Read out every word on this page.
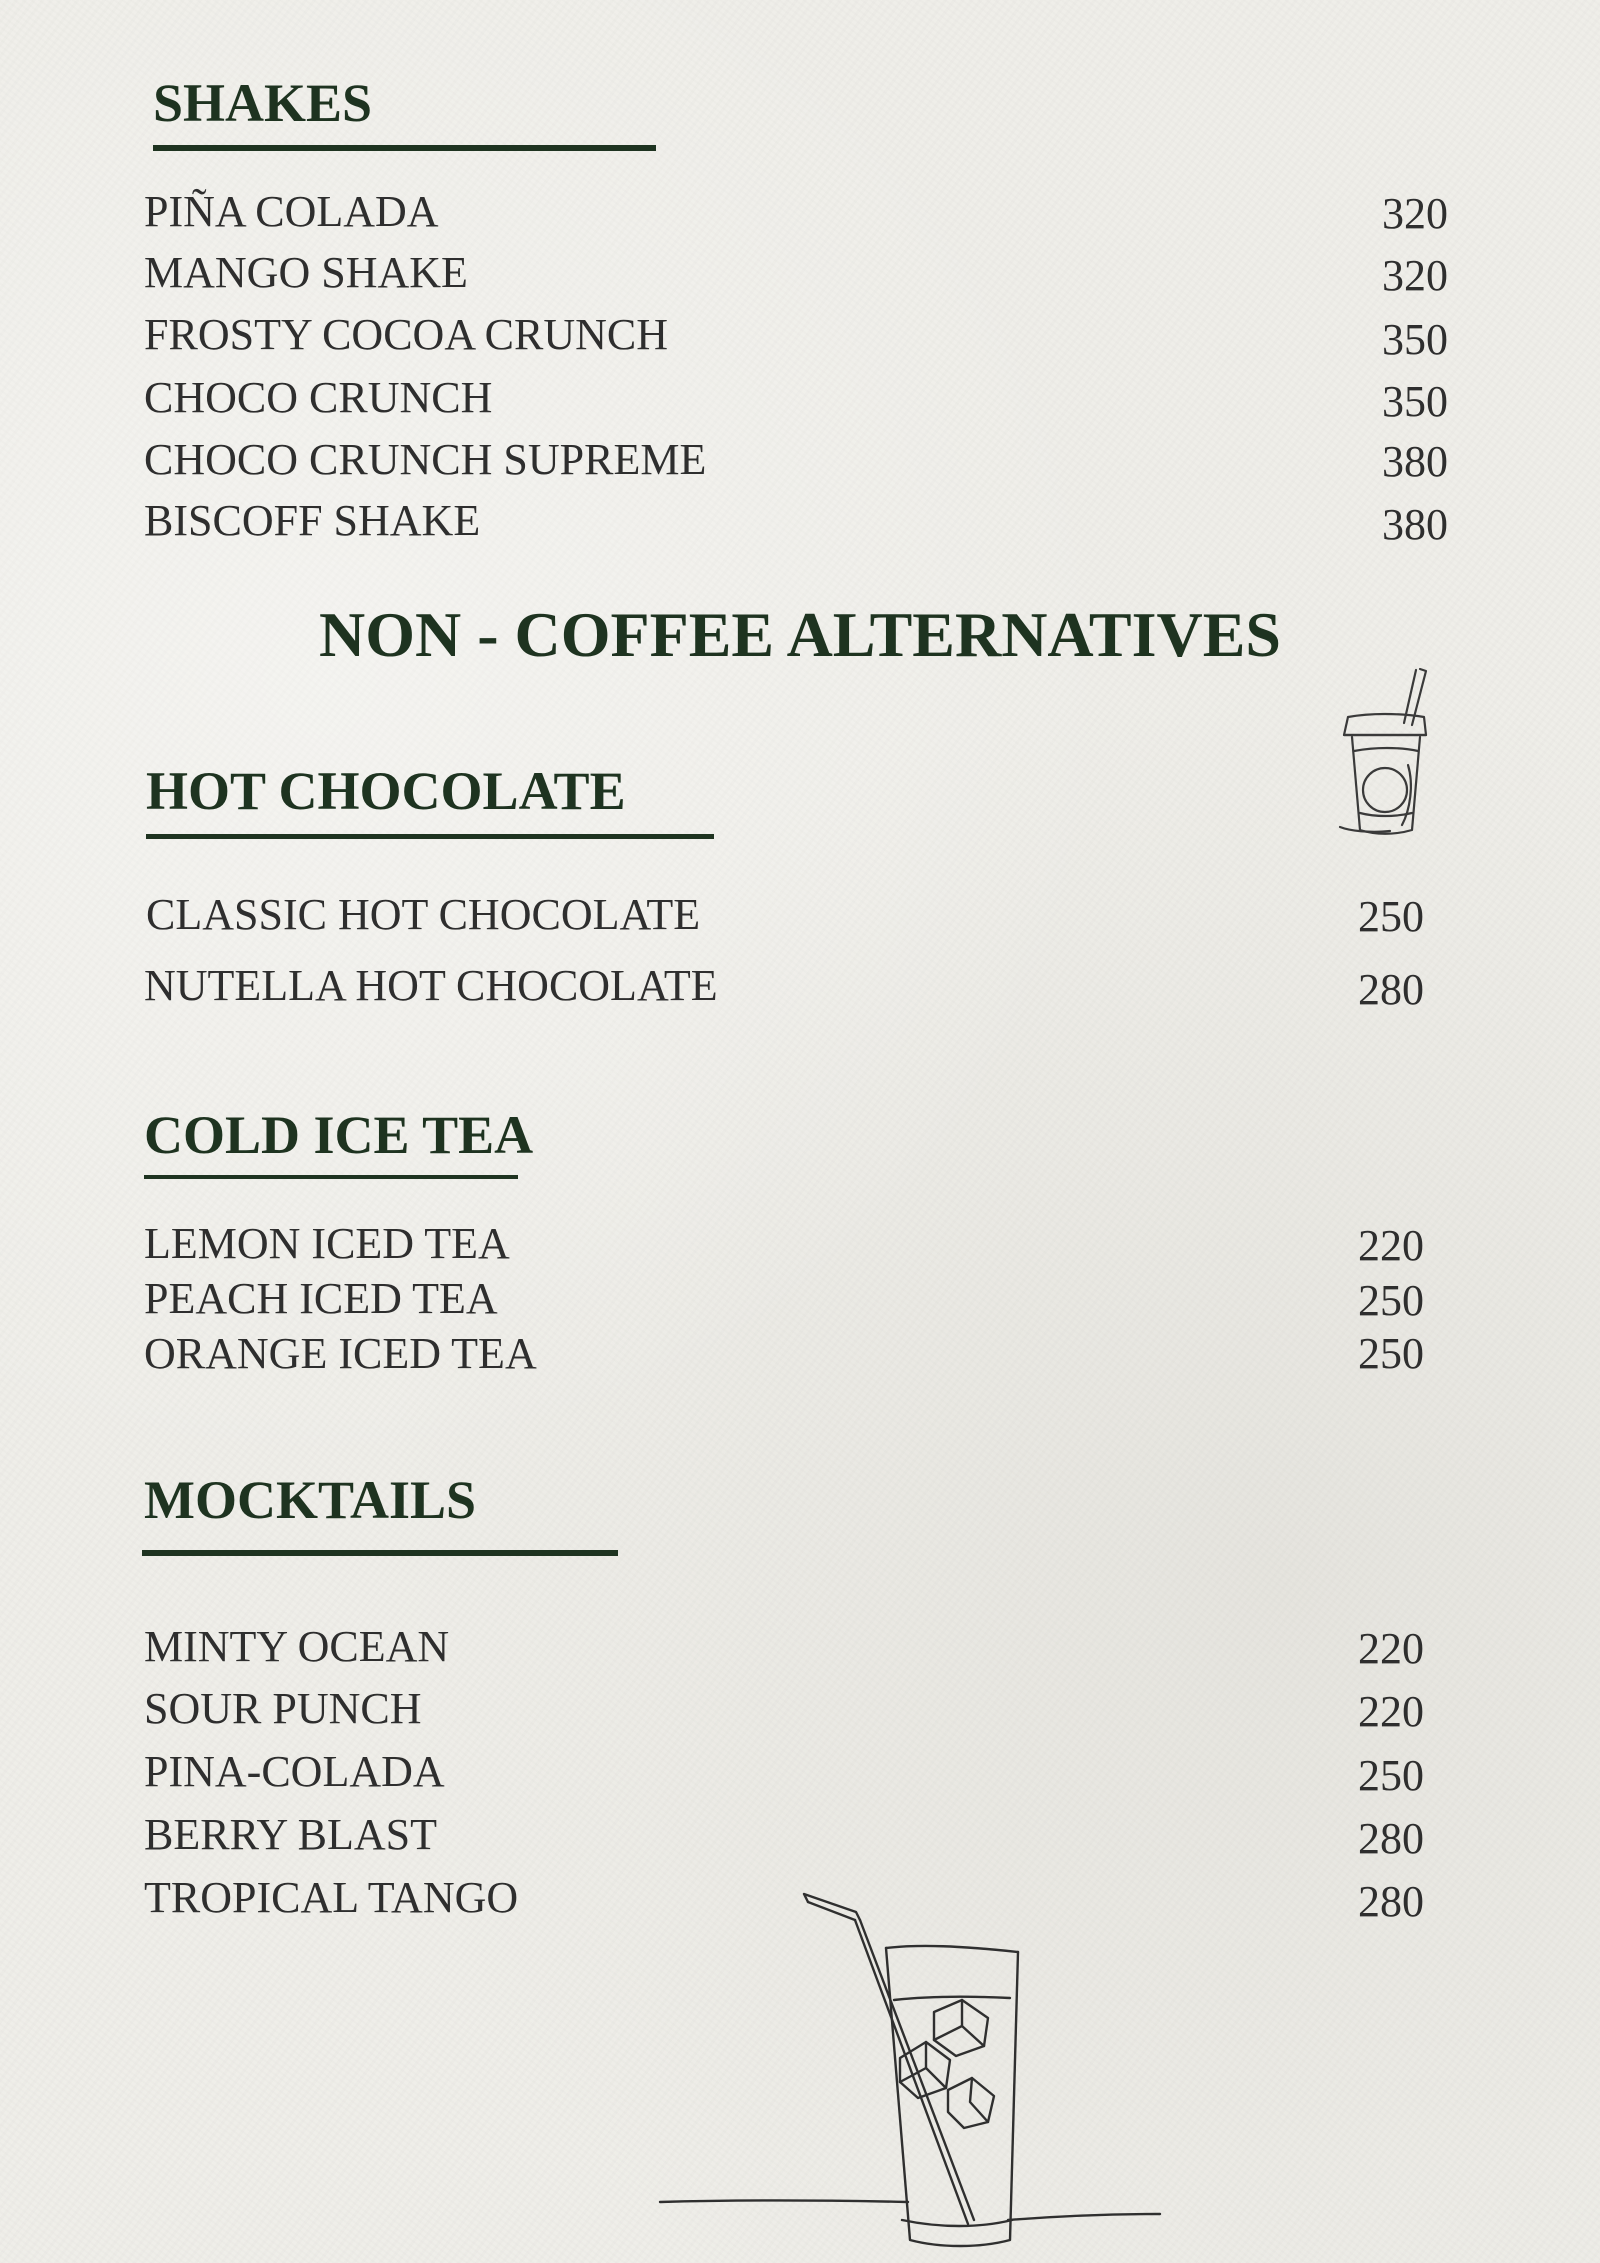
SHAKES
PIÑA COLADA	320
MANGO SHAKE	320
FROSTY COCOA CRUNCH	350
CHOCO CRUNCH	350
CHOCO CRUNCH SUPREME	380
BISCOFF SHAKE	380
NON - COFFEE ALTERNATIVES
HOT CHOCOLATE
CLASSIC HOT CHOCOLATE	250
NUTELLA HOT CHOCOLATE	280
COLD ICE TEA
LEMON ICED TEA	220
PEACH ICED TEA	250
ORANGE ICED TEA	250
MOCKTAILS
MINTY OCEAN	220
SOUR PUNCH	220
PINA-COLADA	250
BERRY BLAST	280
TROPICAL TANGO	280
